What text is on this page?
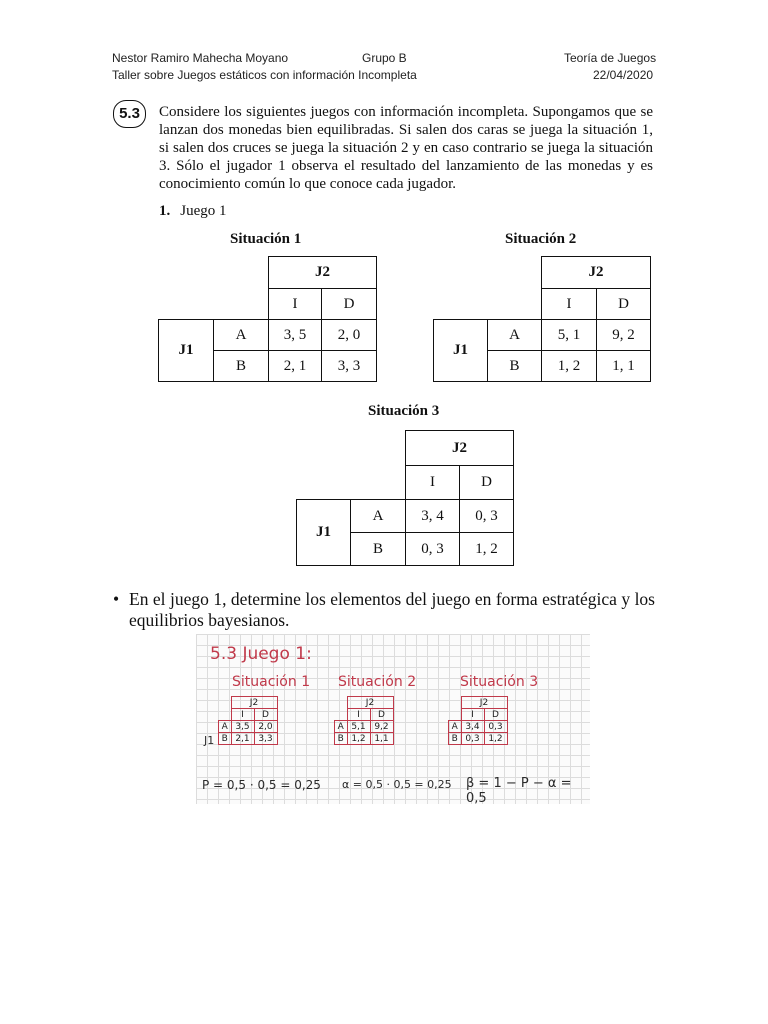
Nestor Ramiro Mahecha Moyano	Grupo B	Teoría de Juegos
Taller sobre Juegos estáticos con información Incompleta	22/04/2020
5.3	Considere los siguientes juegos con información incompleta. Supongamos que se lanzan dos monedas bien equilibradas. Si salen dos caras se juega la situación 1, si salen dos cruces se juega la situación 2 y en caso contrario se juega la situación 3. Sólo el jugador 1 observa el resultado del lanzamiento de las monedas y es conocimiento común lo que conoce cada jugador.
1. Juego 1
Situación 1
		J2	
		I	D
J1	A	3, 5	2, 0
	B	2, 1	3, 3
Situación 2
		J2	
		I	D
J1	A	5, 1	9, 2
	B	1, 2	1, 1
Situación 3
		J2	
		I	D
J1	A	3, 4	0, 3
	B	0, 3	1, 2
• En el juego 1, determine los elementos del juego en forma estratégica y los equilibrios bayesianos.
5.3 Juego 1:
Situación 1 Situación 2	Situación 3
J1
	J2	
	I	D
A	3,5	2,0
B	2,1	3,3
	J2	
	I	D
A	5,1	9,2
B	1,2	1,1
	J2	
	I	D
A	3,4	0,3
B	0,3	1,2
P = 0,5 · 0,5 = 0,25 α = 0,5 · 0,5 = 0,25 β = 1 − P − α = 0,5
